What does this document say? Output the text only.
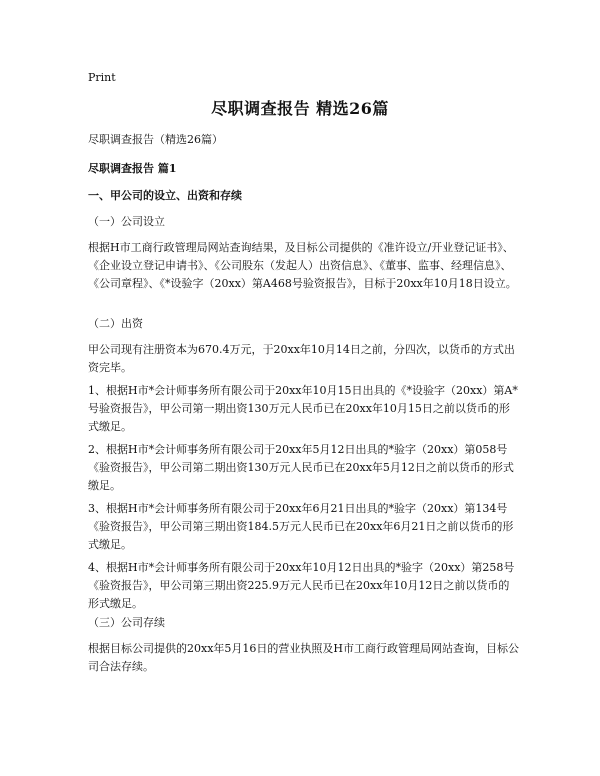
Print
尽职调查报告 精选26篇

尽职调查报告（精选26篇）

尽职调查报告 篇1

一、甲公司的设立、出资和存续

（一）公司设立

根据H市工商行政管理局网站查询结果，及目标公司提供的《准许设立/开业登记证书》、《企业设立登记申请书》、《公司股东（发起人）出资信息》、《董事、监事、经理信息》、《公司章程》、《*设验字（20xx）第A468号验资报告》，目标于20xx年10月18日设立。

（二）出资

甲公司现有注册资本为670.4万元，于20xx年10月14日之前，分四次，以货币的方式出资完毕。

1、根据H市*会计师事务所有限公司于20xx年10月15日出具的《*设验字（20xx）第A*号验资报告》，甲公司第一期出资130万元人民币已在20xx年10月15日之前以货币的形式缴足。

2、根据H市*会计师事务所有限公司于20xx年5月12日出具的*验字（20xx）第058号《验资报告》，甲公司第二期出资130万元人民币已在20xx年5月12日之前以货币的形式缴足。

3、根据H市*会计师事务所有限公司于20xx年6月21日出具的*验字（20xx）第134号《验资报告》，甲公司第三期出资184.5万元人民币已在20xx年6月21日之前以货币的形式缴足。

4、根据H市*会计师事务所有限公司于20xx年10月12日出具的*验字（20xx）第258号《验资报告》，甲公司第三期出资225.9万元人民币已在20xx年10月12日之前以货币的形式缴足。

（三）公司存续

根据目标公司提供的20xx年5月16日的营业执照及H市工商行政管理局网站查询，目标公司合法存续。
